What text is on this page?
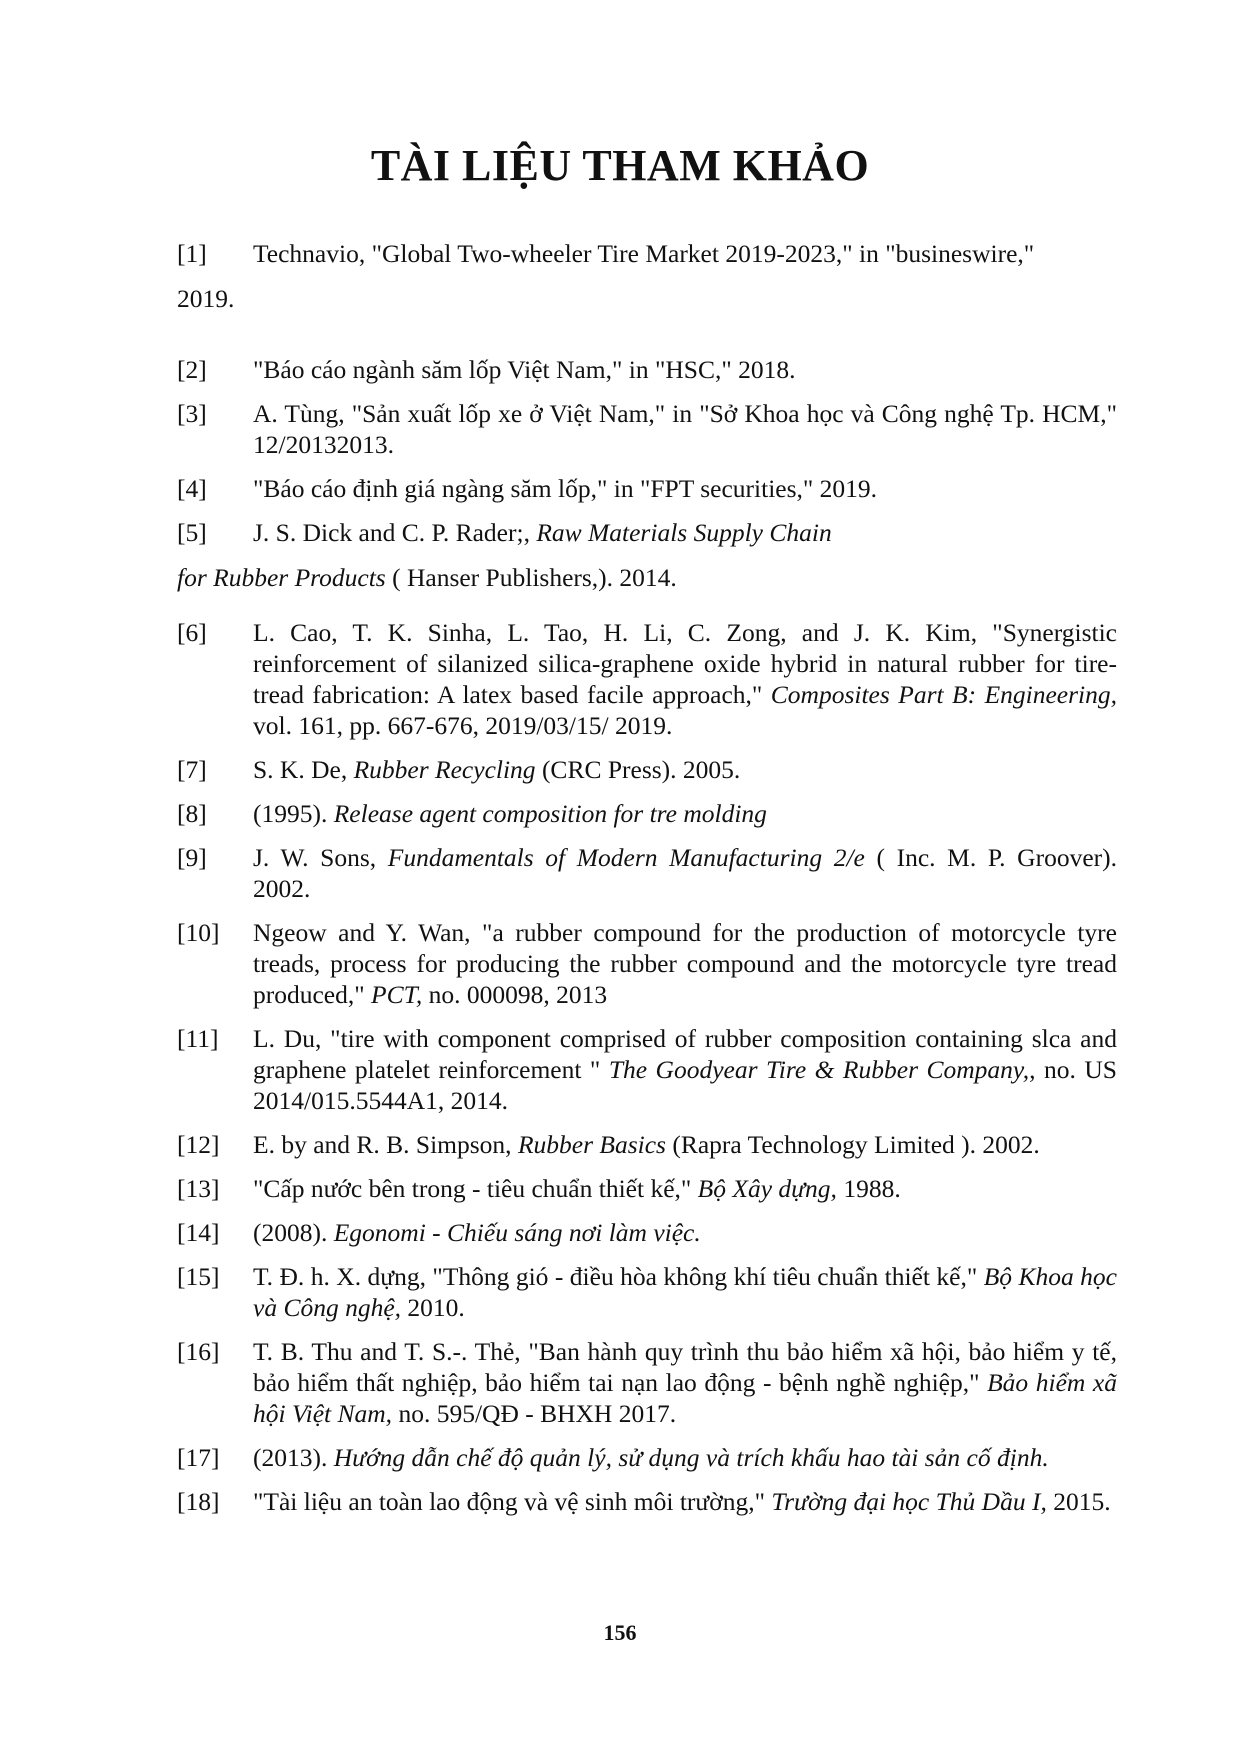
TÀI LIỆU THAM KHẢO
[1]	Technavio, "Global Two-wheeler Tire Market 2019-2023," in "busineswire,"
2019.
[2]	"Báo cáo ngành săm lốp Việt Nam," in "HSC," 2018.
[3]	A. Tùng, "Sản xuất lốp xe ở Việt Nam," in "Sở Khoa học và Công nghệ Tp. HCM," 12/20132013.
[4]	"Báo cáo định giá ngàng săm lốp," in "FPT securities," 2019.
[5]	J. S. Dick and C. P. Rader;, Raw Materials Supply Chain
for Rubber Products ( Hanser Publishers,). 2014.
[6]	L. Cao, T. K. Sinha, L. Tao, H. Li, C. Zong, and J. K. Kim, "Synergistic reinforcement of silanized silica-graphene oxide hybrid in natural rubber for tire-tread fabrication: A latex based facile approach," Composites Part B: Engineering, vol. 161, pp. 667-676, 2019/03/15/ 2019.
[7]	S. K. De, Rubber Recycling (CRC Press). 2005.
[8]	(1995). Release agent composition for tre molding
[9]	J. W. Sons, Fundamentals of Modern Manufacturing 2/e ( Inc. M. P. Groover). 2002.
[10]	Ngeow and Y. Wan, "a rubber compound for the production of motorcycle tyre treads, process for producing the rubber compound and the motorcycle tyre tread produced," PCT, no. 000098, 2013
[11]	L. Du, "tire with component comprised of rubber composition containing slca and graphene platelet reinforcement " The Goodyear Tire & Rubber Company,, no. US 2014/015.5544A1, 2014.
[12]	E. by and R. B. Simpson, Rubber Basics (Rapra Technology Limited ). 2002.
[13]	"Cấp nước bên trong - tiêu chuẩn thiết kế," Bộ Xây dựng, 1988.
[14]	(2008). Egonomi - Chiếu sáng nơi làm việc.
[15]	T. Đ. h. X. dựng, "Thông gió - điều hòa không khí tiêu chuẩn thiết kế," Bộ Khoa học và Công nghệ, 2010.
[16]	T. B. Thu and T. S.-. Thẻ, "Ban hành quy trình thu bảo hiểm xã hội, bảo hiểm y tế, bảo hiểm thất nghiệp, bảo hiểm tai nạn lao động - bệnh nghề nghiệp," Bảo hiểm xã hội Việt Nam, no. 595/QĐ - BHXH 2017.
[17]	(2013). Hướng dẫn chế độ quản lý, sử dụng và trích khấu hao tài sản cố định.
[18]	"Tài liệu an toàn lao động và vệ sinh môi trường," Trường đại học Thủ Dầu I, 2015.
156
